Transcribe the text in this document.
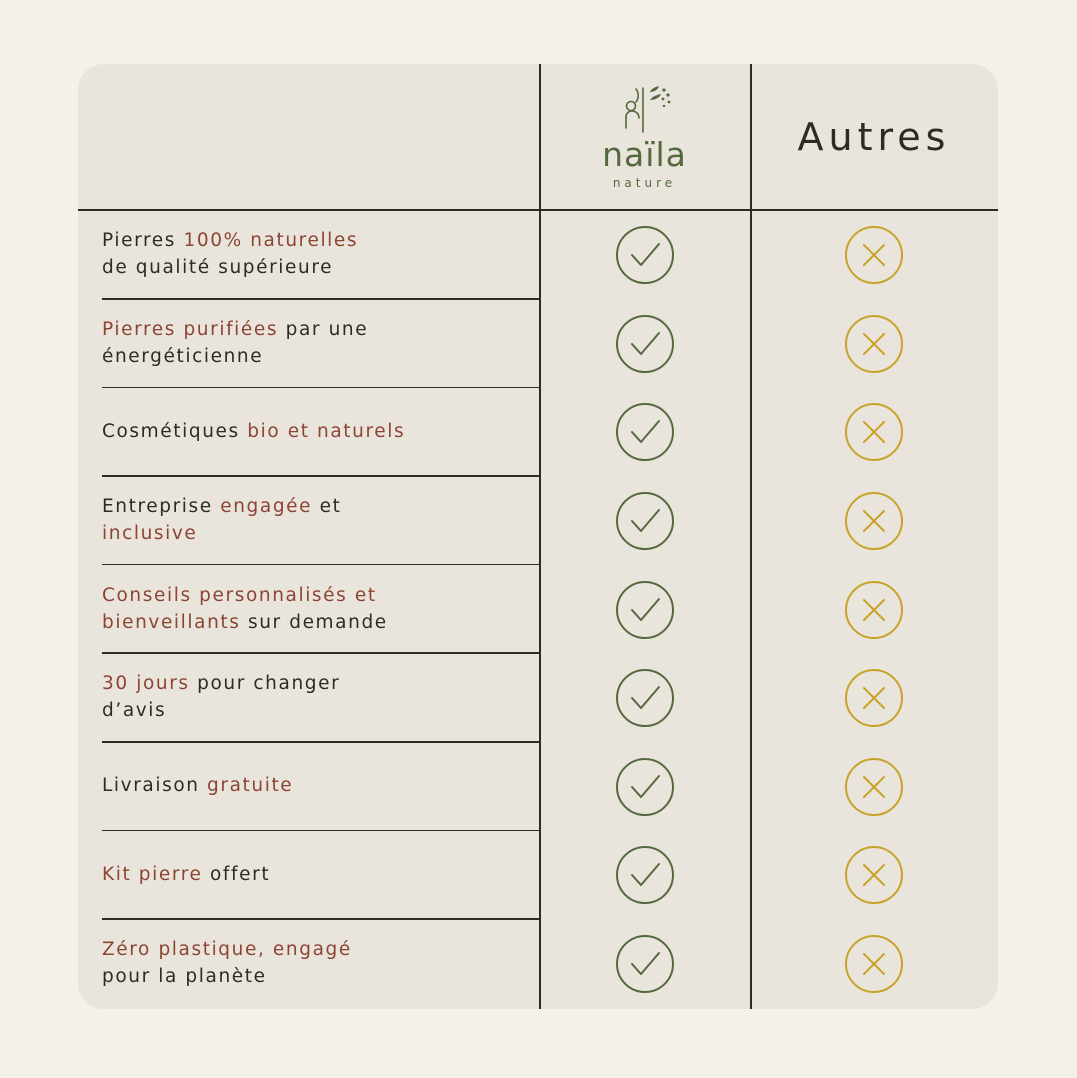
naïla
nature
Autres
Pierres 100% naturelles
de qualité supérieure
Pierres purifiées par une
énergéticienne
Cosmétiques bio et naturels
Entreprise engagée et
inclusive
Conseils personnalisés et
bienveillants sur demande
30 jours pour changer
d’avis
Livraison gratuite
Kit pierre offert
Zéro plastique, engagé
pour la planète
